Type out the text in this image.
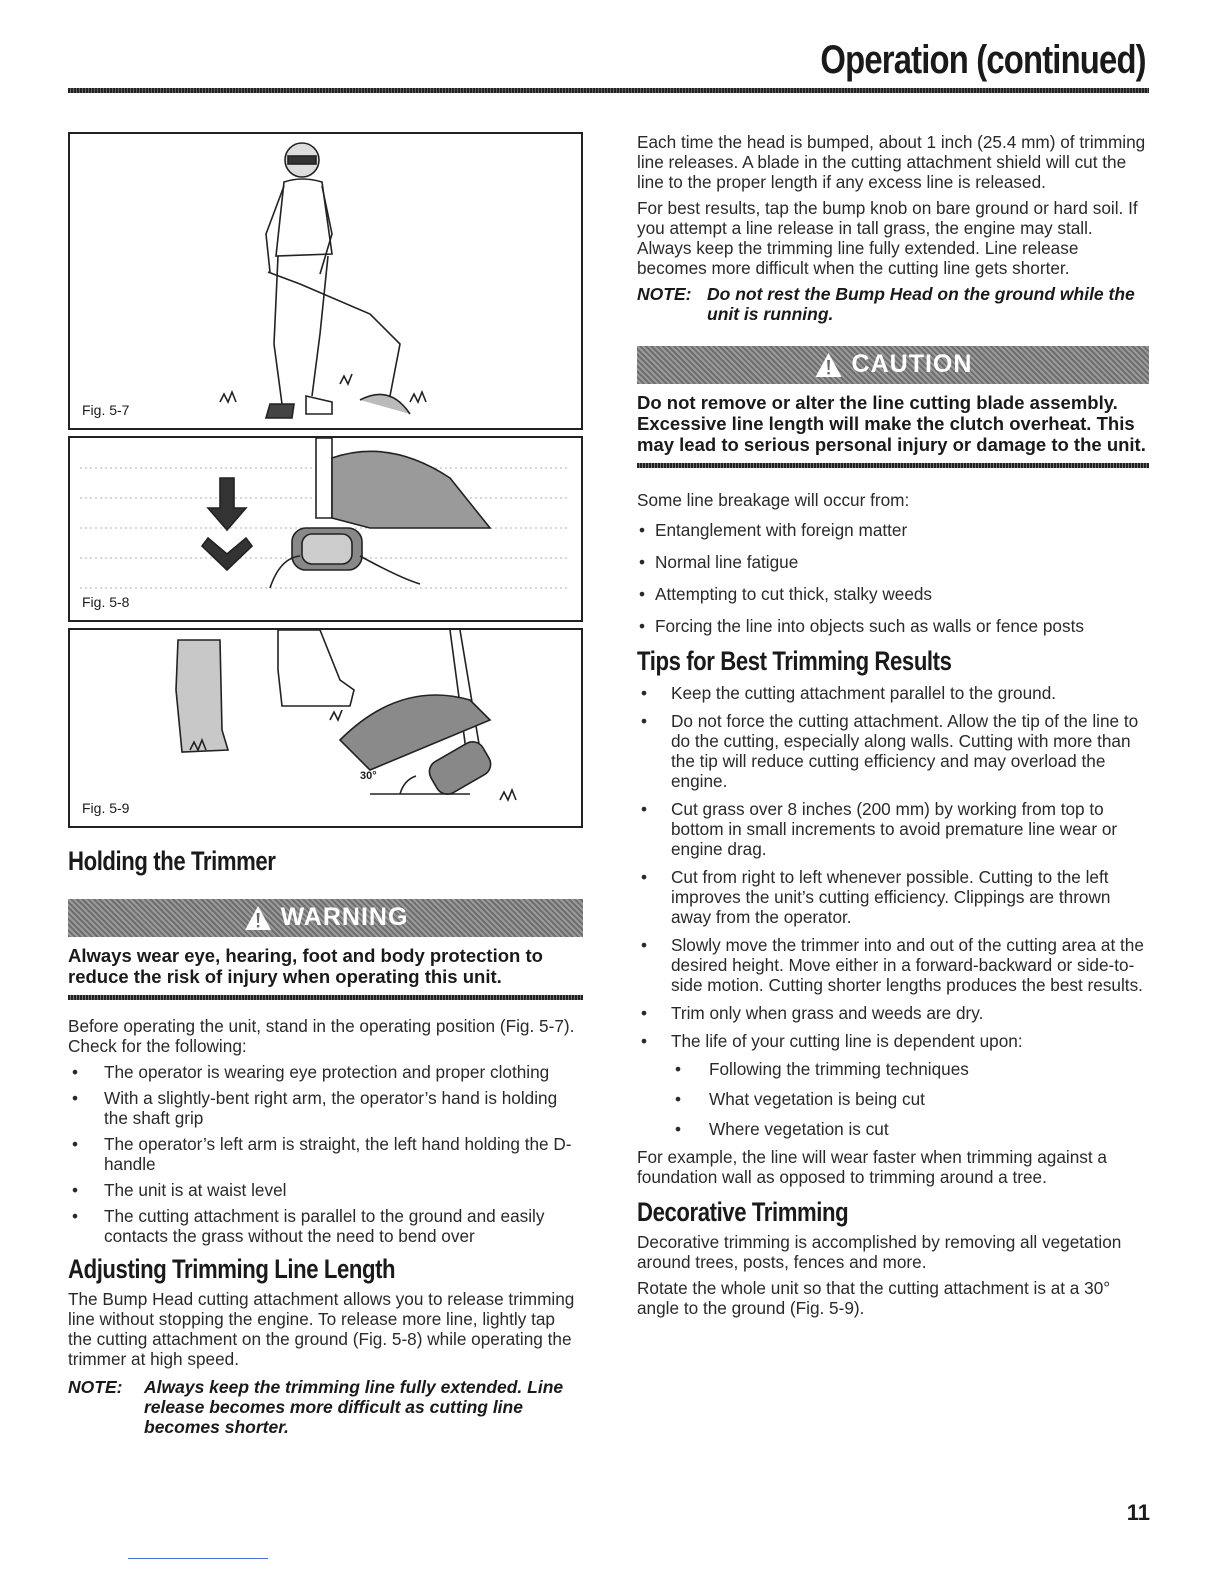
Operation (continued)
Fig. 5-7
Fig. 5-8
30°
Fig. 5-9
Holding the Trimmer
WARNING
Always wear eye, hearing, foot and body protection to reduce the risk of injury when operating this unit.

Before operating the unit, stand in the operating position (Fig. 5-7). Check for the following:

• The operator is wearing eye protection and proper clothing
• With a slightly-bent right arm, the operator’s hand is holding the shaft grip
• The operator’s left arm is straight, the left hand holding the D-handle
• The unit is at waist level
• The cutting attachment is parallel to the ground and easily contacts the grass without the need to bend over
Adjusting Trimming Line Length

The Bump Head cutting attachment allows you to release trimming line without stopping the engine. To release more line, lightly tap the cutting attachment on the ground (Fig. 5-8) while operating the trimmer at high speed.

NOTE:	Always keep the trimming line fully extended. Line release becomes more difficult as cutting line becomes shorter.

Each time the head is bumped, about 1 inch (25.4 mm) of trimming line releases. A blade in the cutting attachment shield will cut the line to the proper length if any excess line is released.

For best results, tap the bump knob on bare ground or hard soil. If you attempt a line release in tall grass, the engine may stall. Always keep the trimming line fully extended. Line release becomes more difficult when the cutting line gets shorter.

NOTE: Do not rest the Bump Head on the ground while the unit is running.
CAUTION
Do not remove or alter the line cutting blade assembly. Excessive line length will make the clutch overheat. This may lead to serious personal injury or damage to the unit.

Some line breakage will occur from:

• Entanglement with foreign matter
• Normal line fatigue
• Attempting to cut thick, stalky weeds
• Forcing the line into objects such as walls or fence posts
Tips for Best Trimming Results
• Keep the cutting attachment parallel to the ground.
• Do not force the cutting attachment. Allow the tip of the line to do the cutting, especially along walls. Cutting with more than the tip will reduce cutting efficiency and may overload the engine.
• Cut grass over 8 inches (200 mm) by working from top to bottom in small increments to avoid premature line wear or engine drag.
• Cut from right to left whenever possible. Cutting to the left improves the unit’s cutting efficiency. Clippings are thrown away from the operator.
• Slowly move the trimmer into and out of the cutting area at the desired height. Move either in a forward-backward or side-to-side motion. Cutting shorter lengths produces the best results.
• Trim only when grass and weeds are dry.
• The life of your cutting line is dependent upon:
• Following the trimming techniques
• What vegetation is being cut
• Where vegetation is cut

For example, the line will wear faster when trimming against a foundation wall as opposed to trimming around a tree.

Decorative Trimming

Decorative trimming is accomplished by removing all vegetation around trees, posts, fences and more.

Rotate the whole unit so that the cutting attachment is at a 30° angle to the ground (Fig. 5-9).

11
